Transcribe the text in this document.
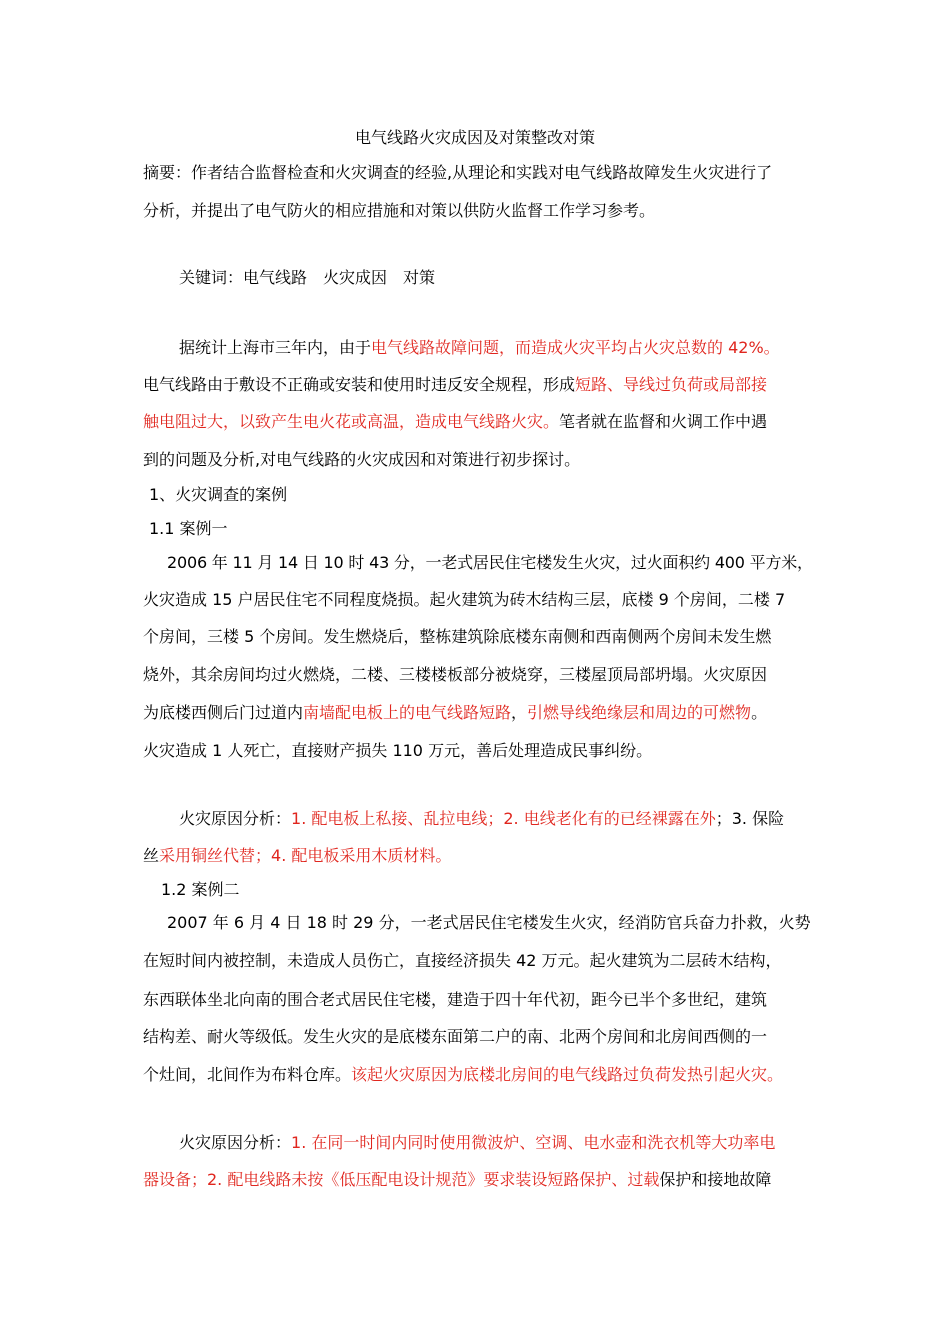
电气线路火灾成因及对策整改对策
摘要：作者结合监督检查和火灾调查的经验,从理论和实践对电气线路故障发生火灾进行了
分析，并提出了电气防火的相应措施和对策以供防火监督工作学习参考。
关键词：电气线路　火灾成因　对策
据统计上海市三年内，由于电气线路故障问题，而造成火灾平均占火灾总数的 42%。
电气线路由于敷设不正确或安装和使用时违反安全规程，形成短路、导线过负荷或局部接
触电阻过大，以致产生电火花或高温，造成电气线路火灾。笔者就在监督和火调工作中遇
到的问题及分析,对电气线路的火灾成因和对策进行初步探讨。
1、火灾调查的案例
1.1 案例一
2006 年 11 月 14 日 10 时 43 分，一老式居民住宅楼发生火灾，过火面积约 400 平方米，
火灾造成 15 户居民住宅不同程度烧损。起火建筑为砖木结构三层，底楼 9 个房间，二楼 7
个房间，三楼 5 个房间。发生燃烧后，整栋建筑除底楼东南侧和西南侧两个房间未发生燃
烧外，其余房间均过火燃烧，二楼、三楼楼板部分被烧穿，三楼屋顶局部坍塌。火灾原因
为底楼西侧后门过道内南墙配电板上的电气线路短路，引燃导线绝缘层和周边的可燃物。
火灾造成 1 人死亡，直接财产损失 110 万元，善后处理造成民事纠纷。
火灾原因分析：1. 配电板上私接、乱拉电线；2. 电线老化有的已经裸露在外；3. 保险
丝采用铜丝代替；4. 配电板采用木质材料。
1.2 案例二
2007 年 6 月 4 日 18 时 29 分，一老式居民住宅楼发生火灾，经消防官兵奋力扑救，火势
在短时间内被控制，未造成人员伤亡，直接经济损失 42 万元。起火建筑为二层砖木结构，
东西联体坐北向南的围合老式居民住宅楼，建造于四十年代初，距今已半个多世纪，建筑
结构差、耐火等级低。发生火灾的是底楼东面第二户的南、北两个房间和北房间西侧的一
个灶间，北间作为布料仓库。该起火灾原因为底楼北房间的电气线路过负荷发热引起火灾。
火灾原因分析：1. 在同一时间内同时使用微波炉、空调、电水壶和洗衣机等大功率电
器设备；2. 配电线路未按《低压配电设计规范》要求装设短路保护、过载保护和接地故障
